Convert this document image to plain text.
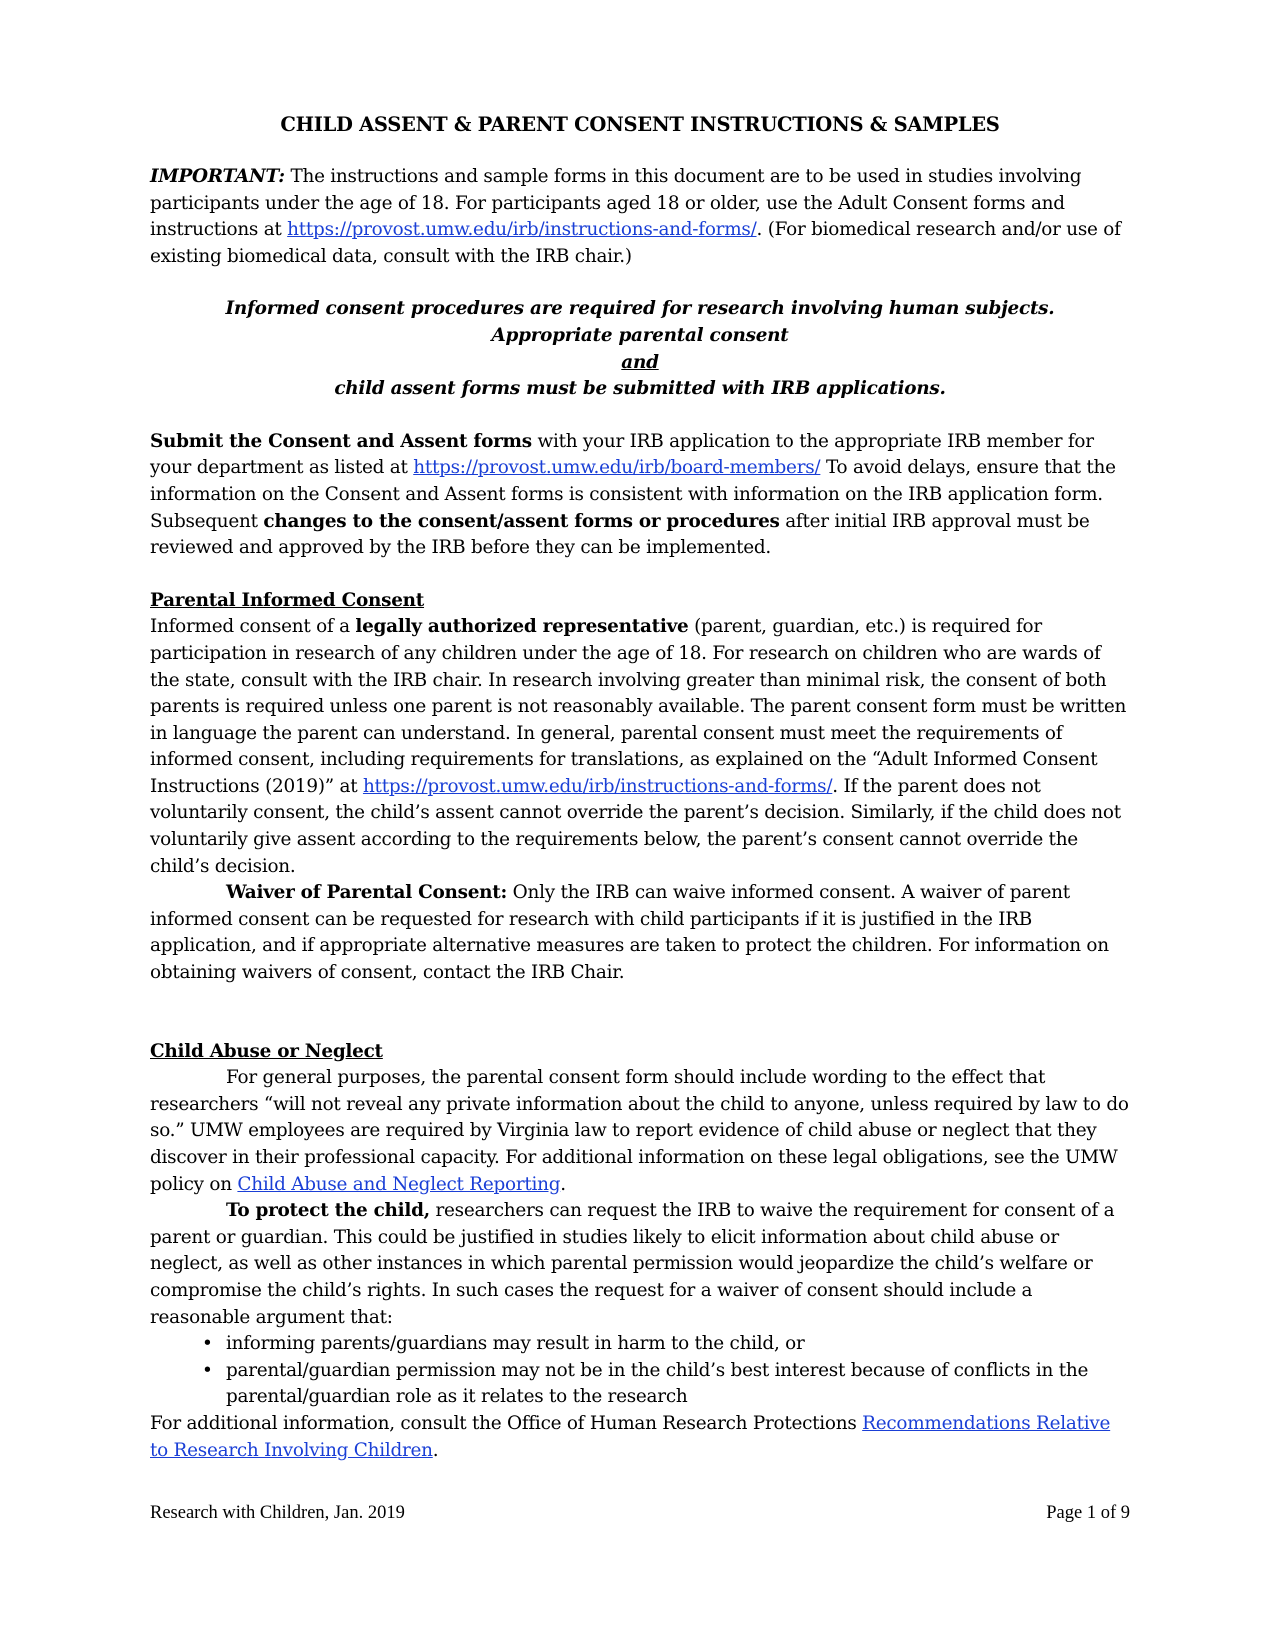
CHILD ASSENT & PARENT CONSENT INSTRUCTIONS & SAMPLES

IMPORTANT: The instructions and sample forms in this document are to be used in studies involving participants under the age of 18. For participants aged 18 or older, use the Adult Consent forms and instructions at https://provost.umw.edu/irb/instructions-and-forms/. (For biomedical research and/or use of existing biomedical data, consult with the IRB chair.)

Informed consent procedures are required for research involving human subjects.
Appropriate parental consent
and
child assent forms must be submitted with IRB applications.

Submit the Consent and Assent forms with your IRB application to the appropriate IRB member for your department as listed at https://provost.umw.edu/irb/board-members/ To avoid delays, ensure that the information on the Consent and Assent forms is consistent with information on the IRB application form. Subsequent changes to the consent/assent forms or procedures after initial IRB approval must be reviewed and approved by the IRB before they can be implemented.

Parental Informed Consent

Informed consent of a legally authorized representative (parent, guardian, etc.) is required for participation in research of any children under the age of 18. For research on children who are wards of the state, consult with the IRB chair. In research involving greater than minimal risk, the consent of both parents is required unless one parent is not reasonably available. The parent consent form must be written in language the parent can understand. In general, parental consent must meet the requirements of informed consent, including requirements for translations, as explained on the “Adult Informed Consent Instructions (2019)” at https://provost.umw.edu/irb/instructions-and-forms/. If the parent does not voluntarily consent, the child’s assent cannot override the parent’s decision. Similarly, if the child does not voluntarily give assent according to the requirements below, the parent’s consent cannot override the child’s decision.

Waiver of Parental Consent: Only the IRB can waive informed consent. A waiver of parent informed consent can be requested for research with child participants if it is justified in the IRB application, and if appropriate alternative measures are taken to protect the children. For information on obtaining waivers of consent, contact the IRB Chair.

Child Abuse or Neglect

For general purposes, the parental consent form should include wording to the effect that researchers “will not reveal any private information about the child to anyone, unless required by law to do so.” UMW employees are required by Virginia law to report evidence of child abuse or neglect that they discover in their professional capacity. For additional information on these legal obligations, see the UMW policy on Child Abuse and Neglect Reporting.

To protect the child, researchers can request the IRB to waive the requirement for consent of a parent or guardian. This could be justified in studies likely to elicit information about child abuse or neglect, as well as other instances in which parental permission would jeopardize the child’s welfare or compromise the child’s rights. In such cases the request for a waiver of consent should include a reasonable argument that:

• informing parents/guardians may result in harm to the child, or
• parental/guardian permission may not be in the child’s best interest because of conflicts in the parental/guardian role as it relates to the research

For additional information, consult the Office of Human Research Protections Recommendations Relative to Research Involving Children.

Research with Children, Jan. 2019	Page 1 of 9
